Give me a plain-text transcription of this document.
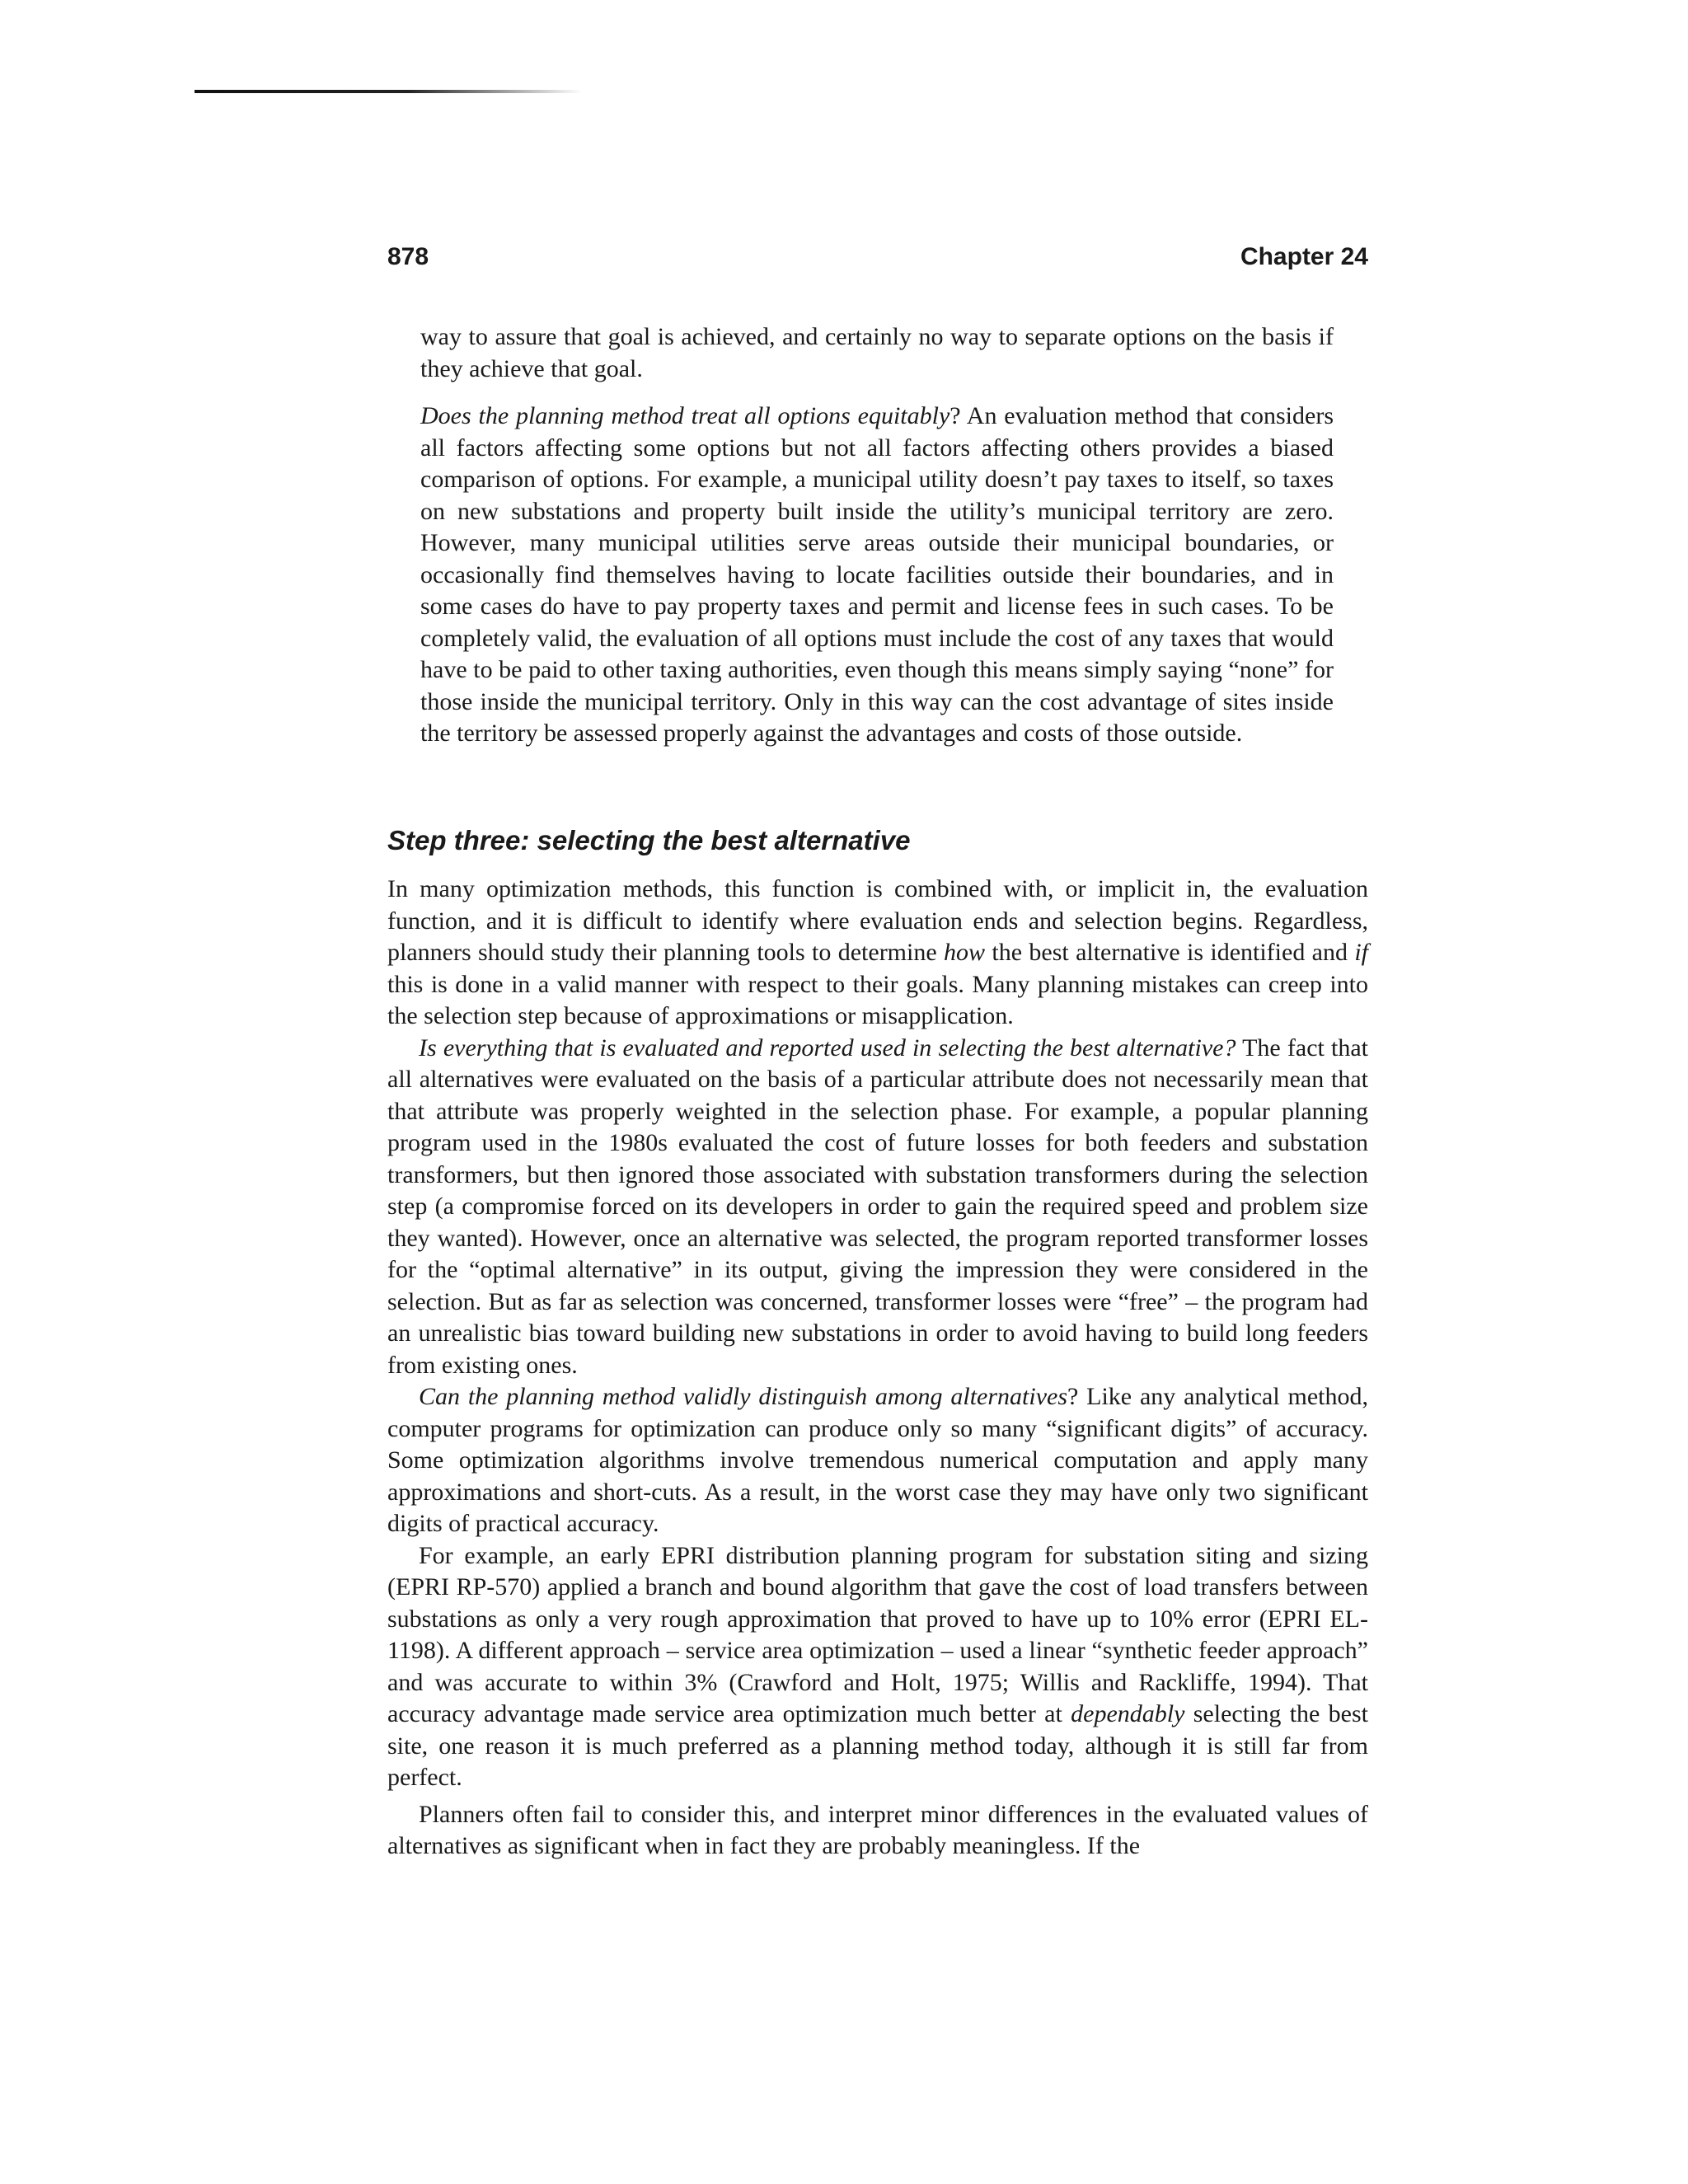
878	Chapter 24

way to assure that goal is achieved, and certainly no way to separate options on the basis if they achieve that goal.

Does the planning method treat all options equitably? An evaluation method that considers all factors affecting some options but not all factors affecting others provides a biased comparison of options. For example, a municipal utility doesn’t pay taxes to itself, so taxes on new substations and property built inside the utility’s municipal territory are zero. However, many municipal utilities serve areas outside their municipal boundaries, or occasionally find themselves having to locate facilities outside their boundaries, and in some cases do have to pay property taxes and permit and license fees in such cases. To be completely valid, the evaluation of all options must include the cost of any taxes that would have to be paid to other taxing authorities, even though this means simply saying “none” for those inside the municipal territory. Only in this way can the cost advantage of sites inside the territory be assessed properly against the advantages and costs of those outside.

Step three: selecting the best alternative

In many optimization methods, this function is combined with, or implicit in, the evaluation function, and it is difficult to identify where evaluation ends and selection begins. Regardless, planners should study their planning tools to determine how the best alternative is identified and if this is done in a valid manner with respect to their goals. Many planning mistakes can creep into the selection step because of approximations or misapplication.

Is everything that is evaluated and reported used in selecting the best alternative? The fact that all alternatives were evaluated on the basis of a particular attribute does not necessarily mean that that attribute was properly weighted in the selection phase. For example, a popular planning program used in the 1980s evaluated the cost of future losses for both feeders and substation transformers, but then ignored those associated with substation transformers during the selection step (a compromise forced on its developers in order to gain the required speed and problem size they wanted). However, once an alternative was selected, the program reported transformer losses for the “optimal alternative” in its output, giving the impression they were considered in the selection. But as far as selection was concerned, transformer losses were “free” – the program had an unrealistic bias toward building new substations in order to avoid having to build long feeders from existing ones.

Can the planning method validly distinguish among alternatives? Like any analytical method, computer programs for optimization can produce only so many “significant digits” of accuracy. Some optimization algorithms involve tremendous numerical computation and apply many approximations and short-cuts. As a result, in the worst case they may have only two significant digits of practical accuracy.

For example, an early EPRI distribution planning program for substation siting and sizing (EPRI RP-570) applied a branch and bound algorithm that gave the cost of load transfers between substations as only a very rough approximation that proved to have up to 10% error (EPRI EL-1198). A different approach – service area optimization – used a linear “synthetic feeder approach” and was accurate to within 3% (Crawford and Holt, 1975; Willis and Rackliffe, 1994). That accuracy advantage made service area optimization much better at dependably selecting the best site, one reason it is much preferred as a planning method today, although it is still far from perfect.

Planners often fail to consider this, and interpret minor differences in the evaluated values of alternatives as significant when in fact they are probably meaningless. If the
